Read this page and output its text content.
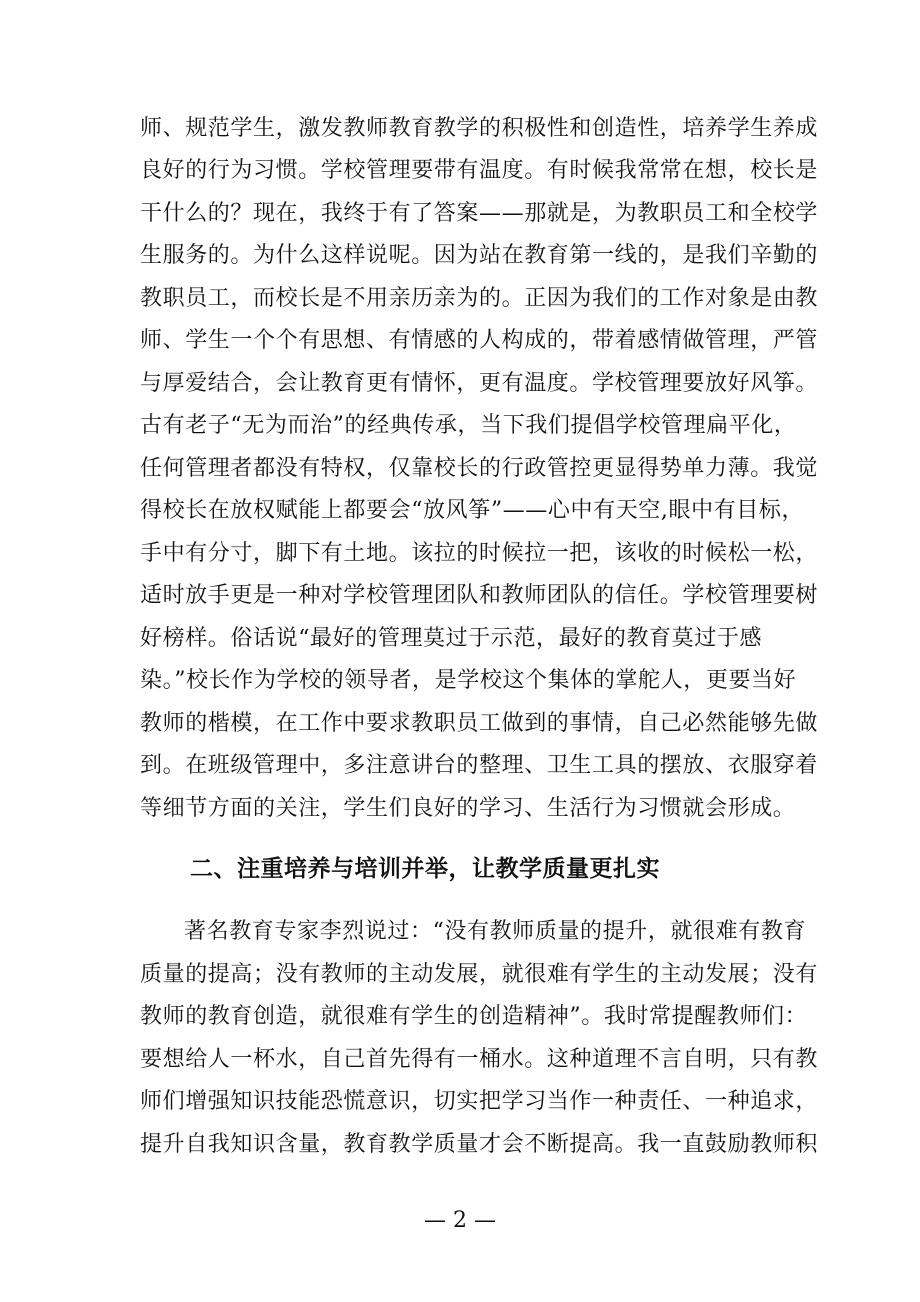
师、规范学生，激发教师教育教学的积极性和创造性，培养学生养成
良好的行为习惯。学校管理要带有温度。有时候我常常在想，校长是
干什么的？现在，我终于有了答案——那就是，为教职员工和全校学
生服务的。为什么这样说呢。因为站在教育第一线的，是我们辛勤的
教职员工，而校长是不用亲历亲为的。正因为我们的工作对象是由教
师、学生一个个有思想、有情感的人构成的，带着感情做管理，严管
与厚爱结合，会让教育更有情怀，更有温度。学校管理要放好风筝。
古有老子“无为而治”的经典传承，当下我们提倡学校管理扁平化，
任何管理者都没有特权，仅靠校长的行政管控更显得势单力薄。我觉
得校长在放权赋能上都要会“放风筝”——心中有天空,眼中有目标，
手中有分寸，脚下有土地。该拉的时候拉一把，该收的时候松一松，
适时放手更是一种对学校管理团队和教师团队的信任。学校管理要树
好榜样。俗话说“最好的管理莫过于示范，最好的教育莫过于感
染。”校长作为学校的领导者，是学校这个集体的掌舵人，更要当好
教师的楷模，在工作中要求教职员工做到的事情，自己必然能够先做
到。在班级管理中，多注意讲台的整理、卫生工具的摆放、衣服穿着
等细节方面的关注，学生们良好的学习、生活行为习惯就会形成。
二、注重培养与培训并举，让教学质量更扎实
著名教育专家李烈说过：“没有教师质量的提升，就很难有教育
质量的提高；没有教师的主动发展，就很难有学生的主动发展；没有
教师的教育创造，就很难有学生的创造精神”。我时常提醒教师们：
要想给人一杯水，自己首先得有一桶水。这种道理不言自明，只有教
师们增强知识技能恐慌意识，切实把学习当作一种责任、一种追求，
提升自我知识含量，教育教学质量才会不断提高。我一直鼓励教师积
— 2 —
